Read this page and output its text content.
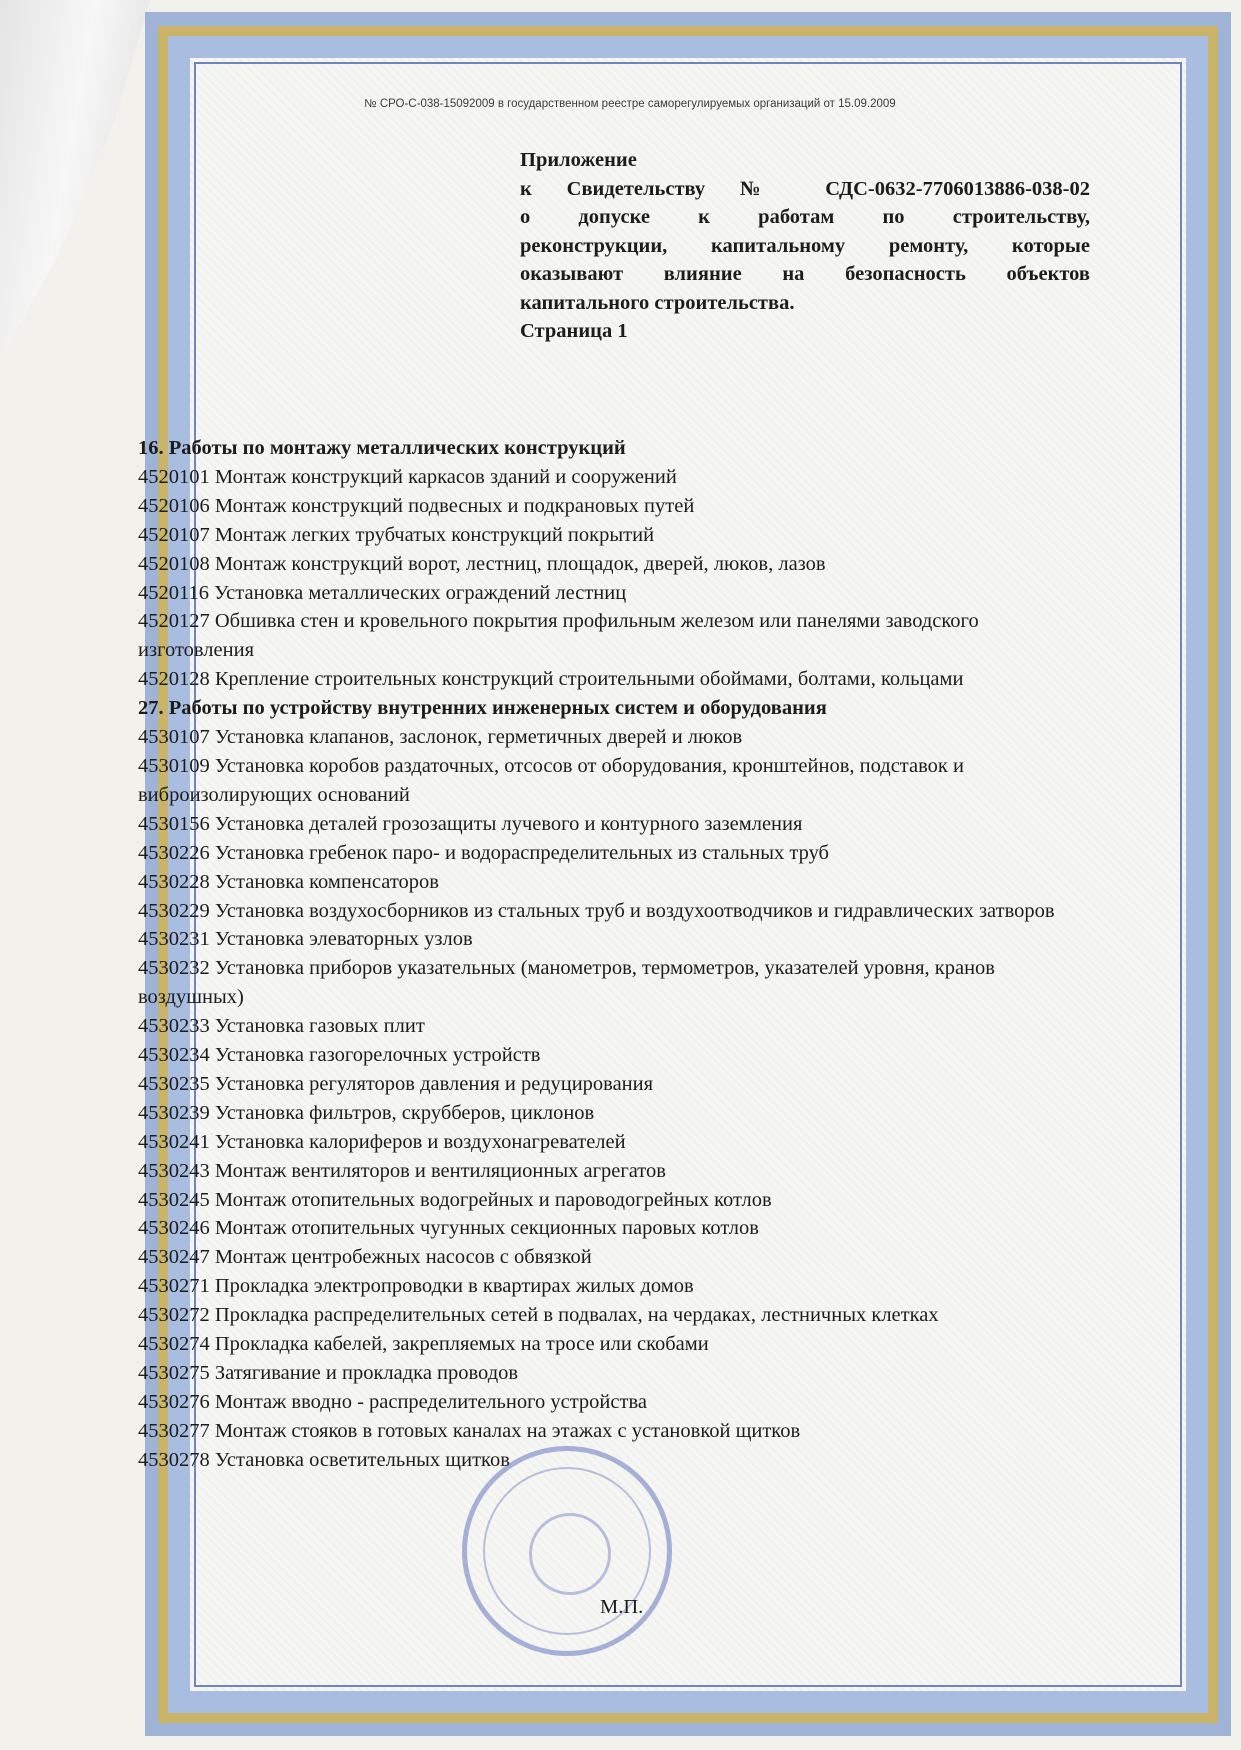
№ СРО-С-038-15092009 в государственном реестре саморегулируемых организаций от 15.09.2009
Приложение
к Свидетельству № СДС-0632-7706013886-038-02
о допуске к работам по строительству,
реконструкции, капитальному ремонту, которые
оказывают влияние на безопасность объектов
капитального строительства.
Страница 1
16. Работы по монтажу металлических конструкций
4520101 Монтаж конструкций каркасов зданий и сооружений
4520106 Монтаж конструкций подвесных и подкрановых путей
4520107 Монтаж легких трубчатых конструкций покрытий
4520108 Монтаж конструкций ворот, лестниц, площадок, дверей, люков, лазов
4520116 Установка металлических ограждений лестниц
4520127 Обшивка стен и кровельного покрытия профильным железом или панелями заводского изготовления
4520128 Крепление строительных конструкций строительными обоймами, болтами, кольцами
27. Работы по устройству внутренних инженерных систем и оборудования
4530107 Установка клапанов, заслонок, герметичных дверей и люков
4530109 Установка коробов раздаточных, отсосов от оборудования, кронштейнов, подставок и виброизолирующих оснований
4530156 Установка деталей грозозащиты лучевого и контурного заземления
4530226 Установка гребенок паро- и водораспределительных из стальных труб
4530228 Установка компенсаторов
4530229 Установка воздухосборников из стальных труб и воздухоотводчиков и гидравлических затворов
4530231 Установка элеваторных узлов
4530232 Установка приборов указательных (манометров, термометров, указателей уровня, кранов воздушных)
4530233 Установка газовых плит
4530234 Установка газогорелочных устройств
4530235 Установка регуляторов давления и редуцирования
4530239 Установка фильтров, скрубберов, циклонов
4530241 Установка калориферов и воздухонагревателей
4530243 Монтаж вентиляторов и вентиляционных агрегатов
4530245 Монтаж отопительных водогрейных и пароводогрейных котлов
4530246 Монтаж отопительных чугунных секционных паровых котлов
4530247 Монтаж центробежных насосов с обвязкой
4530271 Прокладка электропроводки в квартирах жилых домов
4530272 Прокладка распределительных сетей в подвалах, на чердаках, лестничных клетках
4530274 Прокладка кабелей, закрепляемых на тросе или скобами
4530275 Затягивание и прокладка проводов
4530276 Монтаж вводно - распределительного устройства
4530277 Монтаж стояков в готовых каналах на этажах с установкой щитков
4530278 Установка осветительных щитков
М.П.
